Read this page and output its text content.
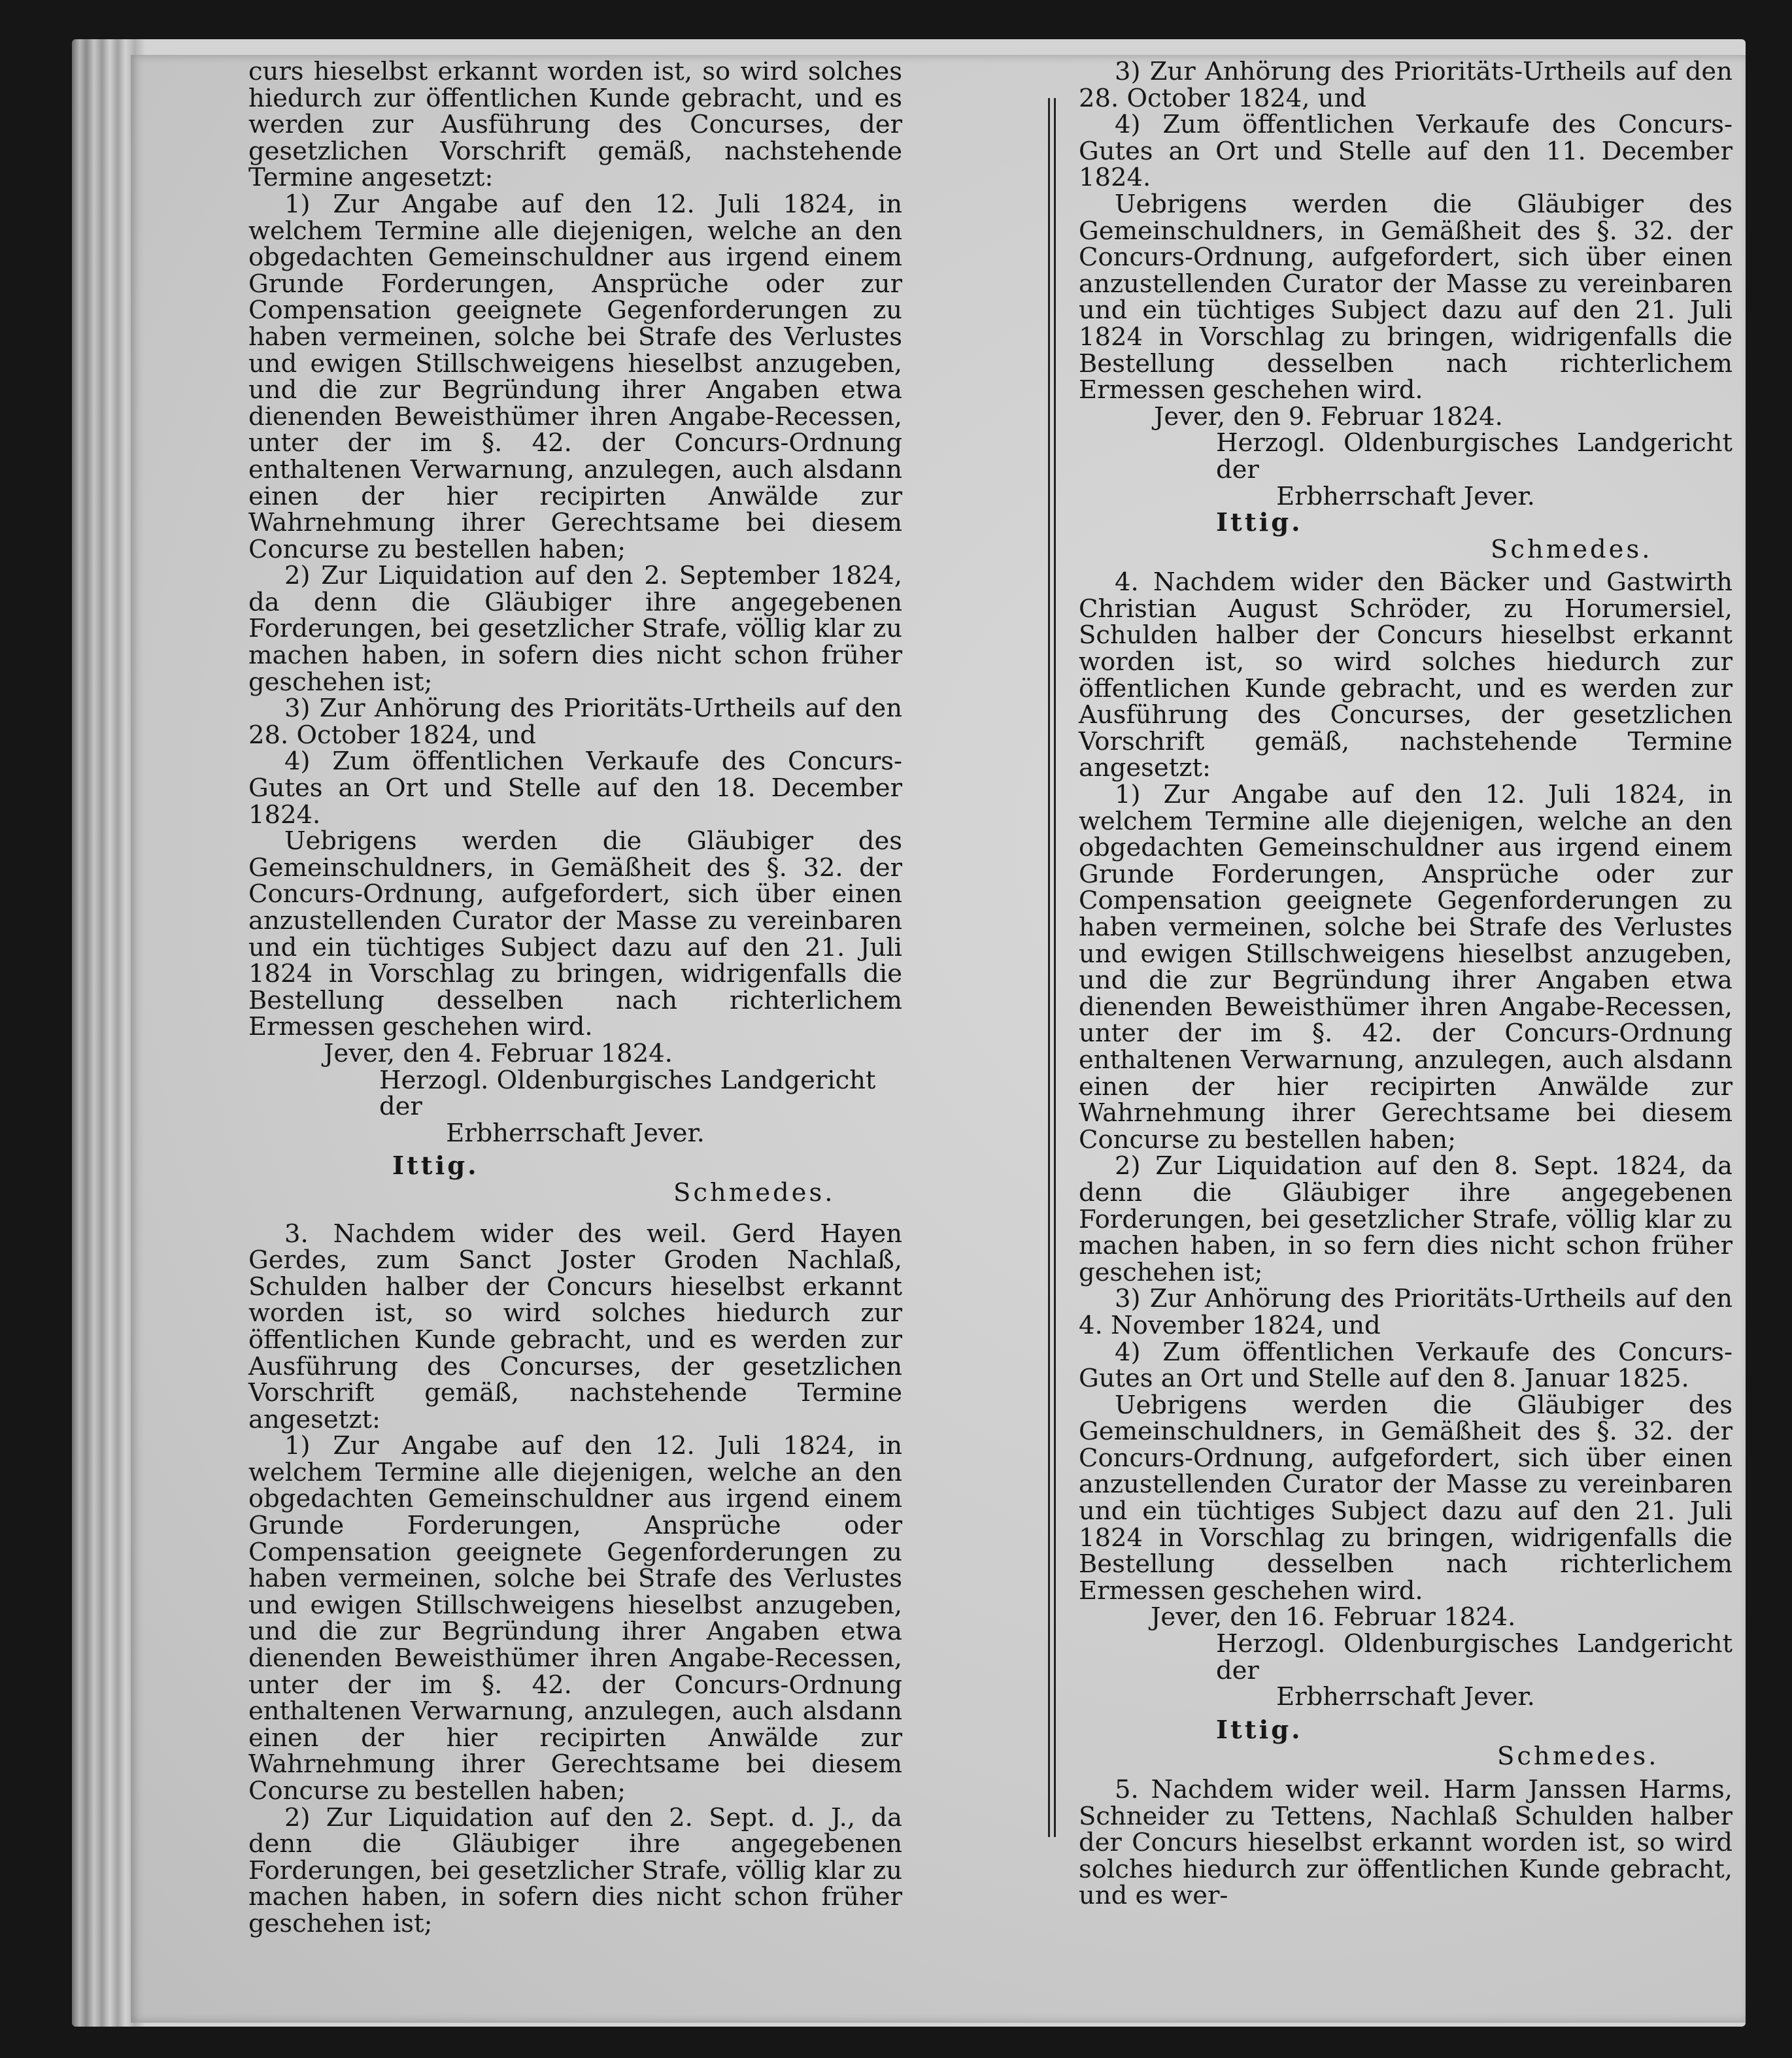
curs hieselbst erkannt worden ist, so wird solches hiedurch zur öffentlichen Kunde gebracht, und es werden zur Ausführung des Concurses, der gesetzlichen Vorschrift gemäß, nachstehende Termine angesetzt:

1) Zur Angabe auf den 12. Juli 1824, in welchem Termine alle diejenigen, welche an den obgedachten Gemeinschuldner aus irgend einem Grunde Forderungen, Ansprüche oder zur Compensation geeignete Gegenforderungen zu haben vermeinen, solche bei Strafe des Verlustes und ewigen Stillschweigens hieselbst anzugeben, und die zur Begründung ihrer Angaben etwa dienenden Beweisthümer ihren Angabe-Recessen, unter der im §. 42. der Concurs-Ordnung enthaltenen Verwarnung, anzulegen, auch alsdann einen der hier recipirten Anwälde zur Wahrnehmung ihrer Gerechtsame bei diesem Concurse zu bestellen haben;

2) Zur Liquidation auf den 2. September 1824, da denn die Gläubiger ihre angegebenen Forderungen, bei gesetzlicher Strafe, völlig klar zu machen haben, in sofern dies nicht schon früher geschehen ist;

3) Zur Anhörung des Prioritäts-Urtheils auf den 28. October 1824, und

4) Zum öffentlichen Verkaufe des Concurs-Gutes an Ort und Stelle auf den 18. December 1824.

Uebrigens werden die Gläubiger des Gemeinschuldners, in Gemäßheit des §. 32. der Concurs-Ordnung, aufgefordert, sich über einen anzustellenden Curator der Masse zu vereinbaren und ein tüchtiges Subject dazu auf den 21. Juli 1824 in Vorschlag zu bringen, widrigenfalls die Bestellung desselben nach richterlichem Ermessen geschehen wird.

Jever, den 4. Februar 1824.

Herzogl. Oldenburgisches Landgericht der

Erbherrschaft Jever.

Ittig.

Schmedes.

3. Nachdem wider des weil. Gerd Hayen Gerdes, zum Sanct Joster Groden Nachlaß, Schulden halber der Concurs hieselbst erkannt worden ist, so wird solches hiedurch zur öffentlichen Kunde gebracht, und es werden zur Ausführung des Concurses, der gesetzlichen Vorschrift gemäß, nachstehende Termine angesetzt:

1) Zur Angabe auf den 12. Juli 1824, in welchem Termine alle diejenigen, welche an den obgedachten Gemeinschuldner aus irgend einem Grunde Forderungen, Ansprüche oder Compensation geeignete Gegenforderungen zu haben vermeinen, solche bei Strafe des Verlustes und ewigen Stillschweigens hieselbst anzugeben, und die zur Begründung ihrer Angaben etwa dienenden Beweisthümer ihren Angabe-Recessen, unter der im §. 42. der Concurs-Ordnung enthaltenen Verwarnung, anzulegen, auch alsdann einen der hier recipirten Anwälde zur Wahrnehmung ihrer Gerechtsame bei diesem Concurse zu bestellen haben;

2) Zur Liquidation auf den 2. Sept. d. J., da denn die Gläubiger ihre angegebenen Forderungen, bei gesetzlicher Strafe, völlig klar zu machen haben, in sofern dies nicht schon früher geschehen ist;

3) Zur Anhörung des Prioritäts-Urtheils auf den 28. October 1824, und

4) Zum öffentlichen Verkaufe des Concurs-Gutes an Ort und Stelle auf den 11. December 1824.

Uebrigens werden die Gläubiger des Gemeinschuldners, in Gemäßheit des §. 32. der Concurs-Ordnung, aufgefordert, sich über einen anzustellenden Curator der Masse zu vereinbaren und ein tüchtiges Subject dazu auf den 21. Juli 1824 in Vorschlag zu bringen, widrigenfalls die Bestellung desselben nach richterlichem Ermessen geschehen wird.

Jever, den 9. Februar 1824.

Herzogl. Oldenburgisches Landgericht der

Erbherrschaft Jever.

Ittig.

Schmedes.

4. Nachdem wider den Bäcker und Gastwirth Christian August Schröder, zu Horumersiel, Schulden halber der Concurs hieselbst erkannt worden ist, so wird solches hiedurch zur öffentlichen Kunde gebracht, und es werden zur Ausführung des Concurses, der gesetzlichen Vorschrift gemäß, nachstehende Termine angesetzt:

1) Zur Angabe auf den 12. Juli 1824, in welchem Termine alle diejenigen, welche an den obgedachten Gemeinschuldner aus irgend einem Grunde Forderungen, Ansprüche oder zur Compensation geeignete Gegenforderungen zu haben vermeinen, solche bei Strafe des Verlustes und ewigen Stillschweigens hieselbst anzugeben, und die zur Begründung ihrer Angaben etwa dienenden Beweisthümer ihren Angabe-Recessen, unter der im §. 42. der Concurs-Ordnung enthaltenen Verwarnung, anzulegen, auch alsdann einen der hier recipirten Anwälde zur Wahrnehmung ihrer Gerechtsame bei diesem Concurse zu bestellen haben;

2) Zur Liquidation auf den 8. Sept. 1824, da denn die Gläubiger ihre angegebenen Forderungen, bei gesetzlicher Strafe, völlig klar zu machen haben, in so fern dies nicht schon früher geschehen ist;

3) Zur Anhörung des Prioritäts-Urtheils auf den 4. November 1824, und

4) Zum öffentlichen Verkaufe des Concurs-Gutes an Ort und Stelle auf den 8. Januar 1825.

Uebrigens werden die Gläubiger des Gemeinschuldners, in Gemäßheit des §. 32. der Concurs-Ordnung, aufgefordert, sich über einen anzustellenden Curator der Masse zu vereinbaren und ein tüchtiges Subject dazu auf den 21. Juli 1824 in Vorschlag zu bringen, widrigenfalls die Bestellung desselben nach richterlichem Ermessen geschehen wird.

Jever, den 16. Februar 1824.

Herzogl. Oldenburgisches Landgericht der

Erbherrschaft Jever.

Ittig.

Schmedes.

5. Nachdem wider weil. Harm Janssen Harms, Schneider zu Tettens, Nachlaß Schulden halber der Concurs hieselbst erkannt worden ist, so wird solches hiedurch zur öffentlichen Kunde gebracht, und es wer-
